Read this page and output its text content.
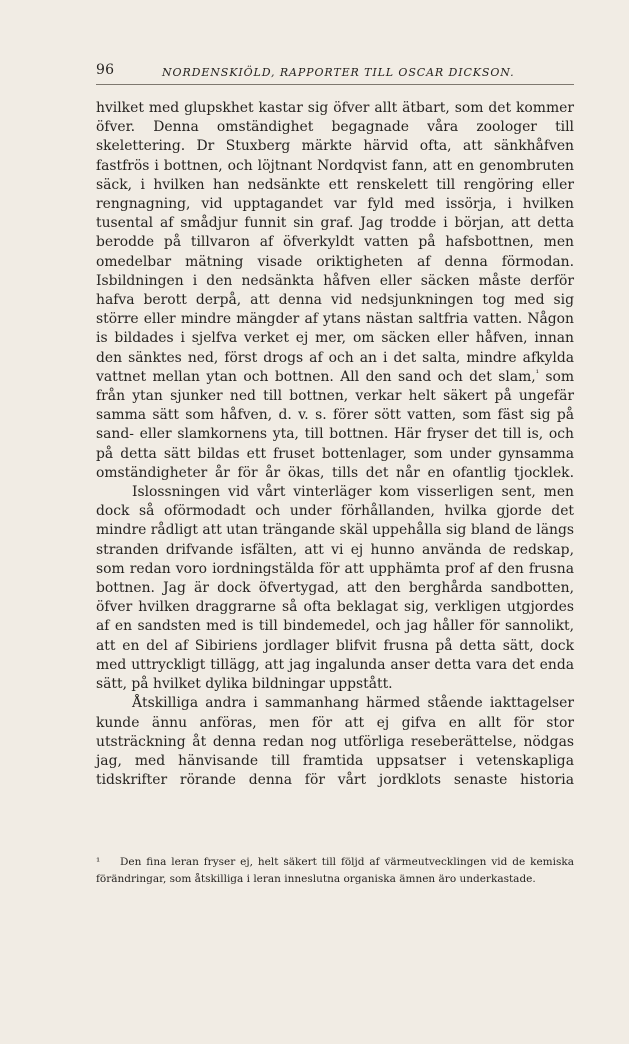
96	NORDENSKIÖLD, RAPPORTER TILL OSCAR DICKSON.

hvilket med glupskhet kastar sig öfver allt ätbart, som det kommer öfver. Denna omständighet begagnade våra zoologer till skelettering. Dr Stuxberg märkte härvid ofta, att sänkhåfven fastfrös i bottnen, och löjtnant Nordqvist fann, att en genombruten säck, i hvilken han nedsänkte ett renskelett till rengöring eller rengnagning, vid upptagandet var fyld med issörja, i hvilken tusental af smådjur funnit sin graf. Jag trodde i början, att detta berodde på tillvaron af öfverkyldt vatten på hafsbottnen, men omedelbar mätning visade oriktigheten af denna förmodan. Isbildningen i den nedsänkta håfven eller säcken måste derför hafva berott derpå, att denna vid nedsjunkningen tog med sig större eller mindre mängder af ytans nästan saltfria vatten. Någon is bildades i sjelfva verket ej mer, om säcken eller håfven, innan den sänktes ned, först drogs af och an i det salta, mindre afkylda vattnet mellan ytan och bottnen. All den sand och det slam,$^{^1}$ som från ytan sjunker ned till bottnen, verkar helt säkert på ungefär samma sätt som håfven, d. v. s. förer sött vatten, som fäst sig på sand- eller slamkornens yta, till bottnen. Här fryser det till is, och på detta sätt bildas ett fruset bottenlager, som under gynsamma omständigheter år för år ökas, tills det når en ofantlig tjocklek.

Islossningen vid vårt vinterläger kom visserligen sent, men dock så oförmodadt och under förhållanden, hvilka gjorde det mindre rådligt att utan trängande skäl uppehålla sig bland de längs stranden drifvande isfälten, att vi ej hunno använda de redskap, som redan voro iordningstälda för att upphämta prof af den frusna bottnen. Jag är dock öfvertygad, att den berghårda sandbotten, öfver hvilken draggrarne så ofta beklagat sig, verkligen utgjordes af en sandsten med is till bindemedel, och jag håller för sannolikt, att en del af Sibiriens jordlager blifvit frusna på detta sätt, dock med uttryckligt tillägg, att jag ingalunda anser detta vara det enda sätt, på hvilket dylika bildningar uppstått.

Åtskilliga andra i sammanhang härmed stående iakttagelser kunde ännu anföras, men för att ej gifva en allt för stor utsträckning åt denna redan nog utförliga reseberättelse, nödgas jag, med hänvisande till framtida uppsatser i vetenskapliga tidskrifter rörande denna för vårt jordklots senaste historia

¹ Den fina leran fryser ej, helt säkert till följd af värmeutvecklingen vid de kemiska förändringar, som åtskilliga i leran inneslutna organiska ämnen äro underkastade.
